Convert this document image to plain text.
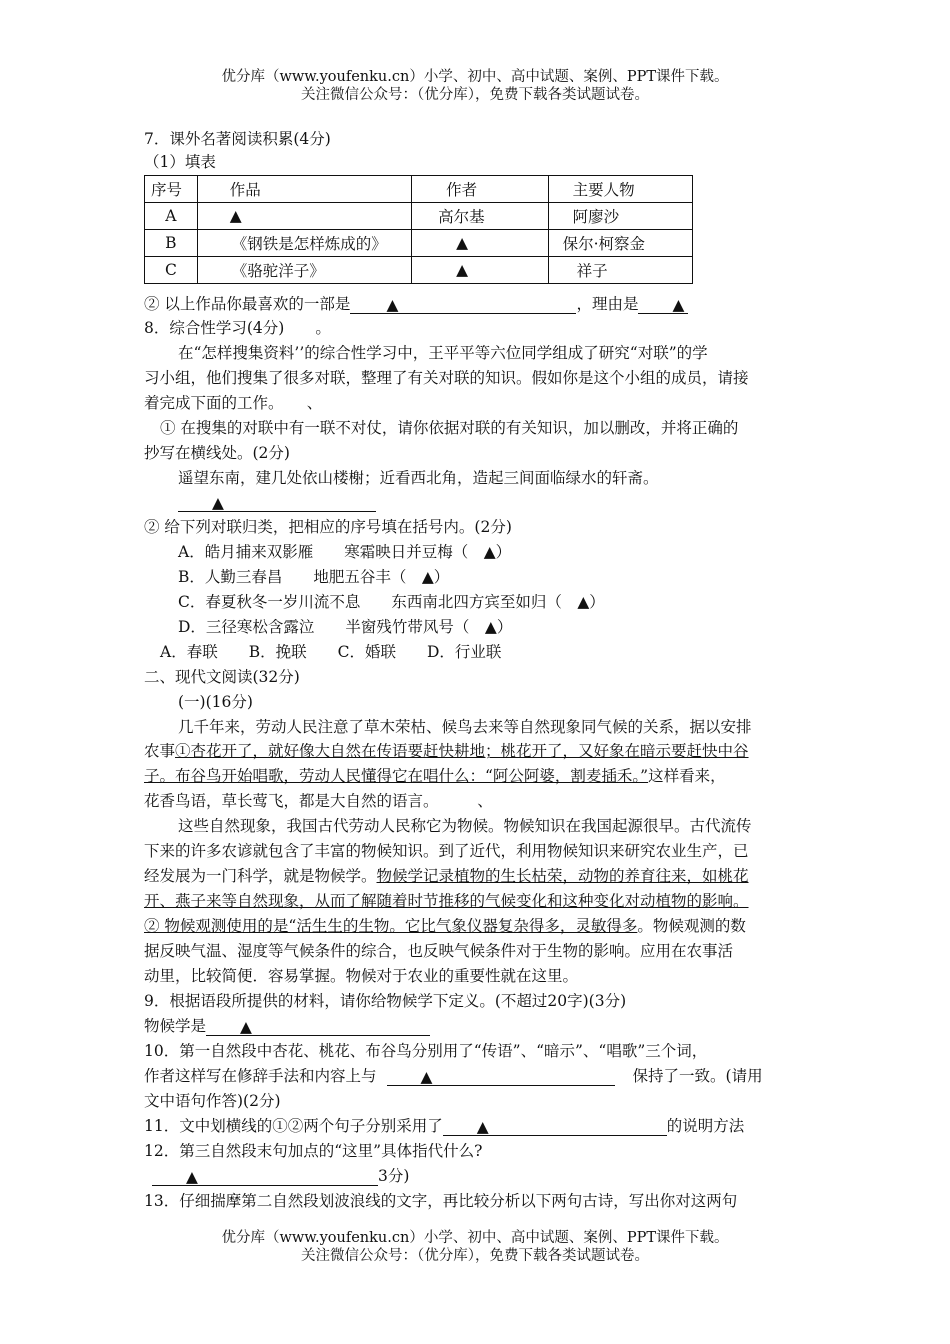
优分库（www.youfenku.cn）小学、初中、高中试题、案例、PPT课件下载。
关注微信公众号：（优分库），免费下载各类试题试卷。
7．课外名著阅读积累(4分)
（1）填表
序号	作品	作者	主要人物
A	▲	高尔基	阿廖沙
B	《钢铁是怎样炼成的》	▲	保尔·柯察金
C	《骆驼洋子》	▲	祥子
② 以上作品你最喜欢的一部是 ▲	，理由是 ▲
8．综合性学习(4分)　　。
在“怎样搜集资料’’的综合性学习中，王平平等六位同学组成了研究“对联”的学
习小组，他们搜集了很多对联，整理了有关对联的知识。假如你是这个小组的成员，请接
着完成下面的工作。　　、
① 在搜集的对联中有一联不对仗，请你依据对联的有关知识，加以删改，并将正确的
抄写在横线处。(2分)
遥望东南，建几处依山楼榭；近看西北角，造起三间面临绿水的轩斋。
▲
② 给下列对联归类，把相应的序号填在括号内。(2分)
A．皓月捕来双影雁　　寒霜映日并豆梅（　▲）
B．人勤三春昌　　地肥五谷丰（　▲）
C．春夏秋冬一岁川流不息　　东西南北四方宾至如归（　▲）
D．三径寒松含露泣　　半窗残竹带风号（　▲）
A．春联　　B．挽联　　C．婚联　　D．行业联
二、现代文阅读(32分)
(一)(16分)
几千年来，劳动人民注意了草木荣枯、候鸟去来等自然现象同气候的关系，据以安排
农事①杏花开了，就好像大自然在传语要赶快耕地；桃花开了，又好象在暗示要赶快中谷
子。布谷鸟开始唱歌，劳动人民懂得它在唱什么：“阿公阿婆，割麦插禾。”这样看来，
花香鸟语，草长莺飞，都是大自然的语言。　　　、
这些自然现象，我国古代劳动人民称它为物候。物候知识在我国起源很早。古代流传
下来的许多农谚就包含了丰富的物候知识。到了近代，利用物候知识来研究农业生产，已
经发展为一门科学，就是物候学。物候学记录植物的生长枯荣，动物的养育往来，如桃花
开、燕子来等自然现象，从而了解随着时节推移的气候变化和这种变化对动植物的影响。
② 物候观测使用的是“活生生的生物。它比气象仪器复杂得多，灵敏得多。物候观测的数
据反映气温、湿度等气候条件的综合，也反映气候条件对于生物的影响。应用在农事活
动里，比较简便．容易掌握。物候对于农业的重要性就在这里。
9．根据语段所提供的材料，请你给物候学下定义。(不超过20字)(3分)
物候学是 ▲
10．第一自然段中杏花、桃花、布谷鸟分别用了“传语”、“暗示”、“唱歌”三个词，
作者这样写在修辞手法和内容上与	▲	保持了一致。(请用
文中语句作答)(2分)
11．文中划横线的①②两个句子分别采用了 ▲	的说明方法
12．第三自然段末句加点的“这里”具体指代什么?
▲	3分)
13．仔细揣摩第二自然段划波浪线的文字，再比较分析以下两句古诗，写出你对这两句
优分库（www.youfenku.cn）小学、初中、高中试题、案例、PPT课件下载。
关注微信公众号：（优分库），免费下载各类试题试卷。
